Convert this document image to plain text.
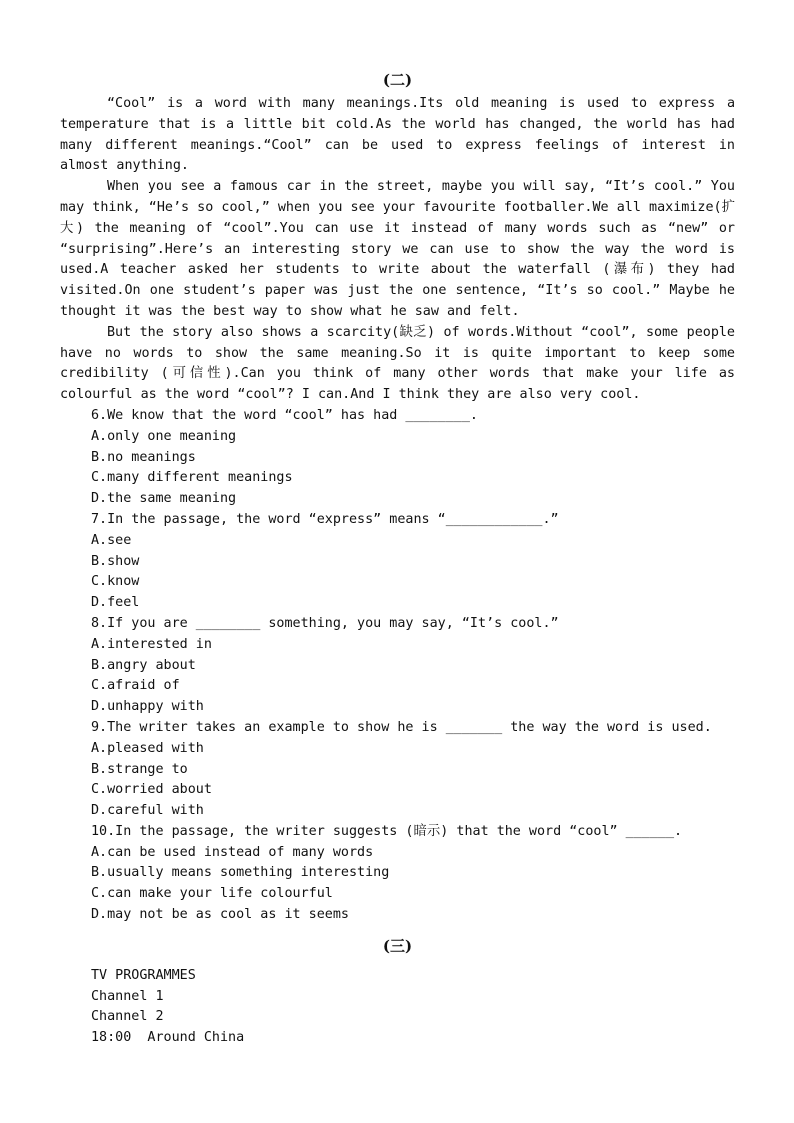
(二)

“Cool” is a word with many meanings.Its old meaning is used to express a temperature that is a little bit cold.As the world has changed, the world has had many different meanings.“Cool” can be used to express feelings of interest in almost anything.

When you see a famous car in the street, maybe you will say, “It’s cool.” You may think, “He’s so cool,” when you see your favourite footballer.We all maximize(扩大) the meaning of “cool”.You can use it instead of many words such as “new” or “surprising”.Here’s an interesting story we can use to show the way the word is used.A teacher asked her students to write about the waterfall (瀑布) they had visited.On one student’s paper was just the one sentence, “It’s so cool.” Maybe he thought it was the best way to show what he saw and felt.

But the story also shows a scarcity(缺乏) of words.Without “cool”, some people have no words to show the same meaning.So it is quite important to keep some credibility (可信性).Can you think of many other words that make your life as colourful as the word “cool”? I can.And I think they are also very cool.

6.We know that the word “cool” has had ________.
A.only one meaning
B.no meanings
C.many different meanings
D.the same meaning
7.In the passage, the word “express” means “____________.”
A.see
B.show
C.know
D.feel
8.If you are ________ something, you may say, “It’s cool.”
A.interested in
B.angry about
C.afraid of
D.unhappy with
9.The writer takes an example to show he is _______ the way the word is used.
A.pleased with
B.strange to
C.worried about
D.careful with
10.In the passage, the writer suggests (暗示) that the word “cool” ______.
A.can be used instead of many words
B.usually means something interesting
C.can make your life colourful
D.may not be as cool as it seems
(三)
TV PROGRAMMES
Channel 1
Channel 2
18:00  Around China
